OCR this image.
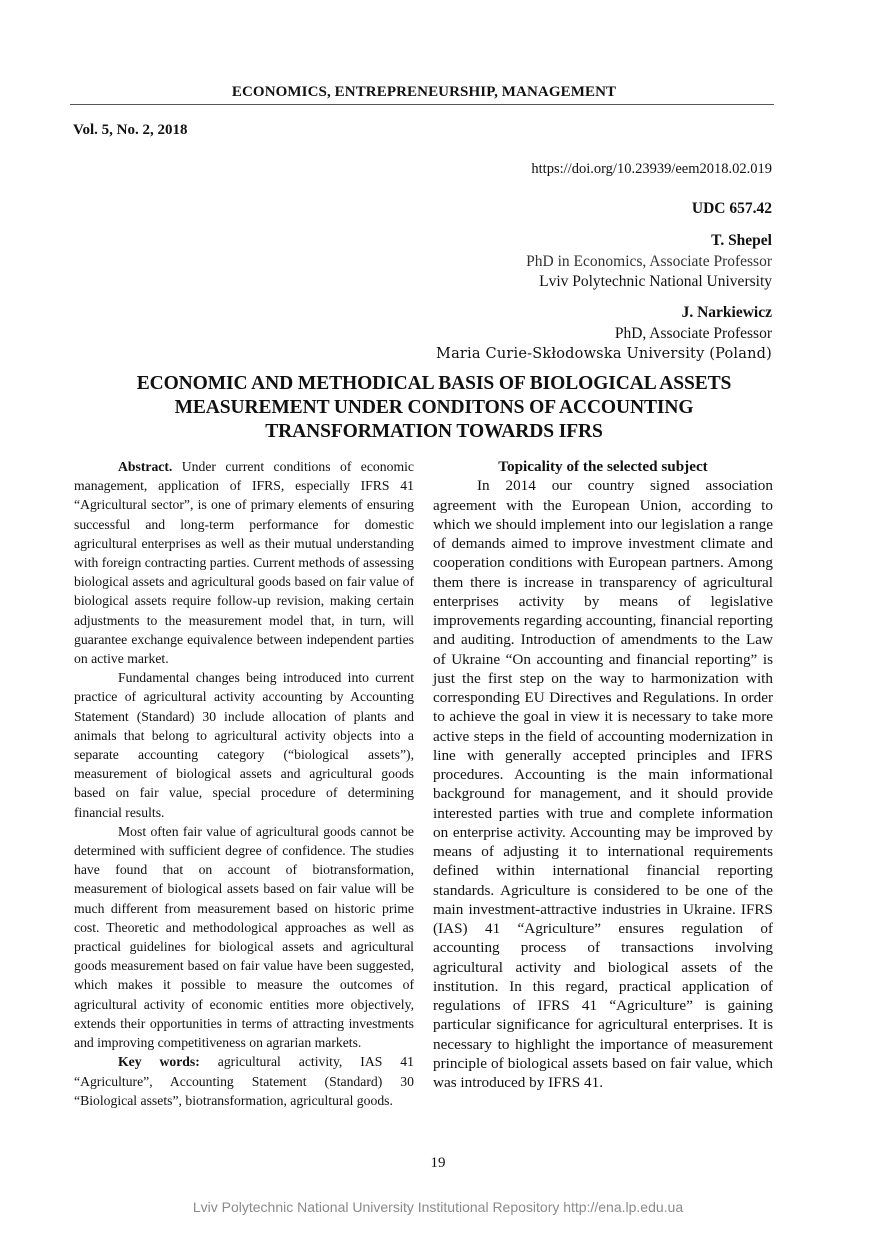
ECONOMICS, ENTREPRENEURSHIP, MANAGEMENT
Vol. 5, No. 2, 2018
https://doi.org/10.23939/eem2018.02.019
UDC 657.42
T. Shepel
PhD in Economics, Associate Professor
Lviv Polytechnic National University
J. Narkiewicz
PhD, Associate Professor
Maria Curie-Skłodowska University (Poland)
ECONOMIC AND METHODICAL BASIS OF BIOLOGICAL ASSETS
MEASUREMENT UNDER CONDITONS OF ACCOUNTING
TRANSFORMATION TOWARDS IFRS

Abstract. Under current conditions of economic management, application of IFRS, especially IFRS 41 “Agricultural sector”, is one of primary elements of ensuring successful and long-term performance for domestic agricultural enterprises as well as their mutual understanding with foreign contracting parties. Current methods of assessing biological assets and agricultural goods based on fair value of biological assets require follow-up revision, making certain adjustments to the measurement model that, in turn, will guarantee exchange equivalence between independent parties on active market.

Fundamental changes being introduced into current practice of agricultural activity accounting by Accounting Statement (Standard) 30 include allocation of plants and animals that belong to agricultural activity objects into a separate accounting category (“biological assets”), measurement of biological assets and agricultural goods based on fair value, special procedure of determining financial results.

Most often fair value of agricultural goods cannot be determined with sufficient degree of confidence. The studies have found that on account of biotransformation, measurement of biological assets based on fair value will be much different from measurement based on historic prime cost. Theoretic and methodological approaches as well as practical guidelines for biological assets and agricultural goods measurement based on fair value have been suggested, which makes it possible to measure the outcomes of agricultural activity of economic entities more objectively, extends their opportunities in terms of attracting investments and improving competitiveness on agrarian markets.

Key words: agricultural activity, IAS 41 “Agriculture”, Accounting Statement (Standard) 30 “Biological assets”, biotransformation, agricultural goods.

Topicality of the selected subject

In 2014 our country signed association agreement with the European Union, according to which we should implement into our legislation a range of demands aimed to improve investment climate and cooperation conditions with European partners. Among them there is increase in transparency of agricultural enterprises activity by means of legislative improvements regarding accounting, financial reporting and auditing. Introduction of amendments to the Law of Ukraine “On accounting and financial reporting” is just the first step on the way to harmonization with corresponding EU Directives and Regulations. In order to achieve the goal in view it is necessary to take more active steps in the field of accounting modernization in line with generally accepted principles and IFRS procedures. Accounting is the main informational background for management, and it should provide interested parties with true and complete information on enterprise activity. Accounting may be improved by means of adjusting it to international requirements defined within international financial reporting standards. Agriculture is considered to be one of the main investment-attractive industries in Ukraine. IFRS (IAS) 41 “Agriculture” ensures regulation of accounting process of transactions involving agricultural activity and biological assets of the institution. In this regard, practical application of regulations of IFRS 41 “Agriculture” is gaining particular significance for agricultural enterprises. It is necessary to highlight the importance of measurement principle of biological assets based on fair value, which was introduced by IFRS 41.

19
Lviv Polytechnic National University Institutional Repository http://ena.lp.edu.ua
